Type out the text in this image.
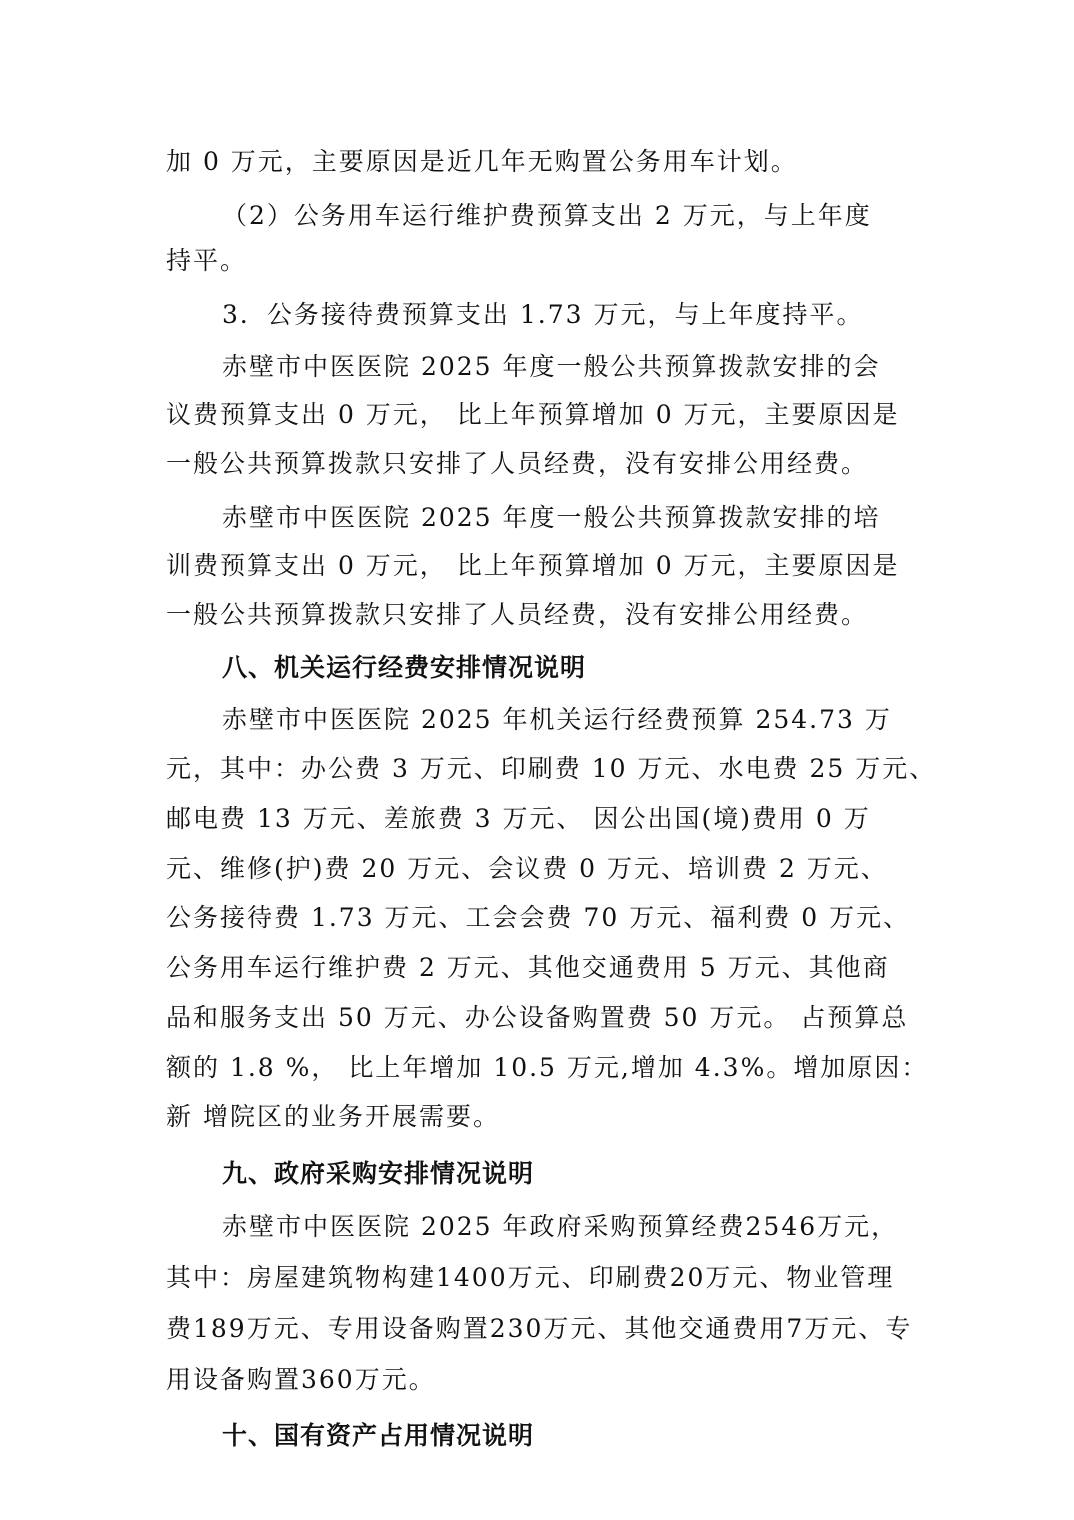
加 0 万元，主要原因是近几年无购置公务用车计划。
（2）公务用车运行维护费预算支出 2 万元，与上年度
持平。
3．公务接待费预算支出 1.73 万元，与上年度持平。
赤壁市中医医院 2025 年度一般公共预算拨款安排的会
议费预算支出 0 万元， 比上年预算增加 0 万元，主要原因是
一般公共预算拨款只安排了人员经费，没有安排公用经费。
赤壁市中医医院 2025 年度一般公共预算拨款安排的培
训费预算支出 0 万元， 比上年预算增加 0 万元，主要原因是
一般公共预算拨款只安排了人员经费，没有安排公用经费。
八、机关运行经费安排情况说明
赤壁市中医医院 2025 年机关运行经费预算 254.73 万
元，其中：办公费 3 万元、印刷费 10 万元、水电费 25 万元、
邮电费 13 万元、差旅费 3 万元、 因公出国(境)费用 0 万
元、维修(护)费 20 万元、会议费 0 万元、培训费 2 万元、
公务接待费 1.73 万元、工会会费 70 万元、福利费 0 万元、
公务用车运行维护费 2 万元、其他交通费用 5 万元、其他商
品和服务支出 50 万元、办公设备购置费 50 万元。 占预算总
额的 1.8 %， 比上年增加 10.5 万元,增加 4.3%。增加原因：
新 增院区的业务开展需要。
九、政府采购安排情况说明
赤壁市中医医院 2025 年政府采购预算经费2546万元，
其中：房屋建筑物构建1400万元、印刷费20万元、物业管理
费189万元、专用设备购置230万元、其他交通费用7万元、专
用设备购置360万元。
十、国有资产占用情况说明
